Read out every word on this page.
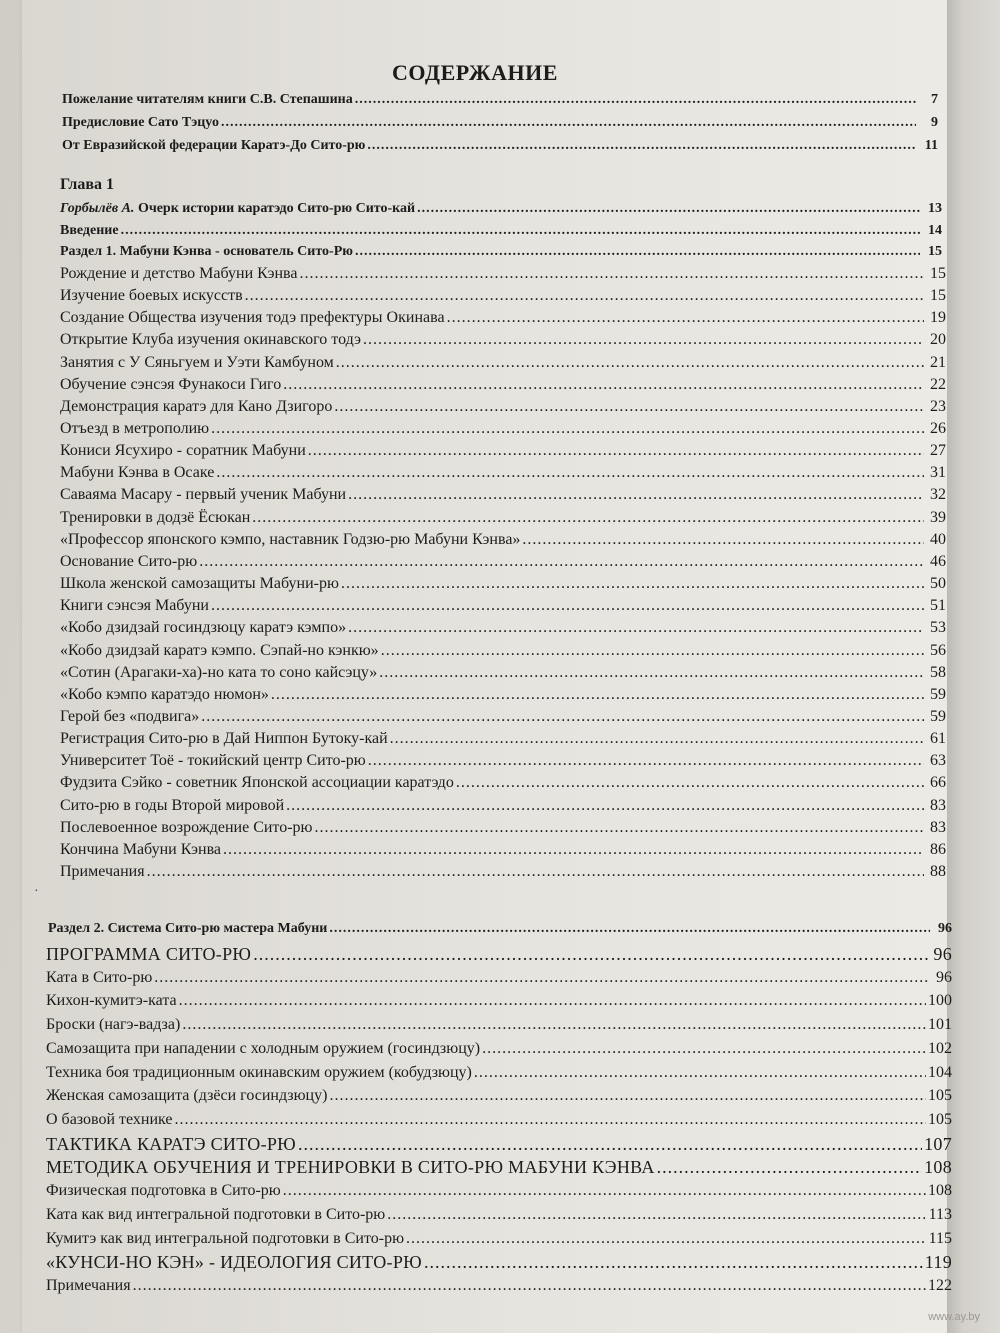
СОДЕРЖАНИЕ
Пожелание читателям книги С.В. Степашина .....	7
Предисловие Сато Тэцуо .....	9
От Евразийской федерации Каратэ-До Сито-рю .....	11
Горбылёв А. Очерк истории каратэдо Сито-рю Сито-кай .....	13
Введение .....	14
Раздел 1. Мабуни Кэнва - основатель Сито-Рю .....	15
Рождение и детство Мабуни Кэнва .....	15
Изучение боевых искусств .....	15
Создание Общества изучения тодэ префектуры Окинава .....	19
Открытие Клуба изучения окинавского тодэ .....	20
Занятия с У Сяньгуем и Уэти Камбуном .....	21
Обучение сэнсэя Фунакоси Гиго .....	22
Демонстрация каратэ для Кано Дзигоро .....	23
Отъезд в метрополию .....	26
Кониси Ясухиро - соратник Мабуни .....	27
Мабуни Кэнва в Осаке .....	31
Саваяма Масару - первый ученик Мабуни .....	32
Тренировки в додзё Ёсюкан .....	39
«Профессор японского кэмпо, наставник Годзю-рю Мабуни Кэнва» .....	40
Основание Сито-рю .....	46
Школа женской самозащиты Мабуни-рю .....	50
Книги сэнсэя Мабуни .....	51
«Кобо дзидзай госиндзюцу каратэ кэмпо» .....	53
«Кобо дзидзай каратэ кэмпо. Сэпай-но кэнкю» .....	56
«Сотин (Арагаки-ха)-но ката то соно кайсэцу» .....	58
«Кобо кэмпо каратэдо нюмон» .....	59
Герой без «подвига» .....	59
Регистрация Сито-рю в Дай Ниппон Бутоку-кай .....	61
Университет Тоё - токийский центр Сито-рю .....	63
Фудзита Сэйко - советник Японской ассоциации каратэдо .....	66
Сито-рю в годы Второй мировой .....	83
Послевоенное возрождение Сито-рю .....	83
Кончина Мабуни Кэнва .....	86
Примечания .....	88
Раздел 2. Система Сито-рю мастера Мабуни .....	96
ПРОГРАММА СИТО-РЮ .....	96
Ката в Сито-рю .....	96
Кихон-кумитэ-ката .....	100
Броски (нагэ-вадза) .....	101
Самозащита при нападении с холодным оружием (госиндзюцу) .....	102
Техника боя традиционным окинавским оружием (кобудзюцу) .....	104
Женская самозащита (дзёси госиндзюцу) .....	105
О базовой технике .....	105
ТАКТИКА КАРАТЭ СИТО-РЮ .....	107
МЕТОДИКА ОБУЧЕНИЯ И ТРЕНИРОВКИ В СИТО-РЮ МАБУНИ КЭНВА .....	108
Физическая подготовка в Сито-рю .....	108
Ката как вид интегральной подготовки в Сито-рю .....	113
Кумитэ как вид интегральной подготовки в Сито-рю .....	115
«КУНСИ-НО КЭН» - ИДЕОЛОГИЯ СИТО-РЮ .....	119
Примечания .....	122
Глава 1
·
www.ay.by
